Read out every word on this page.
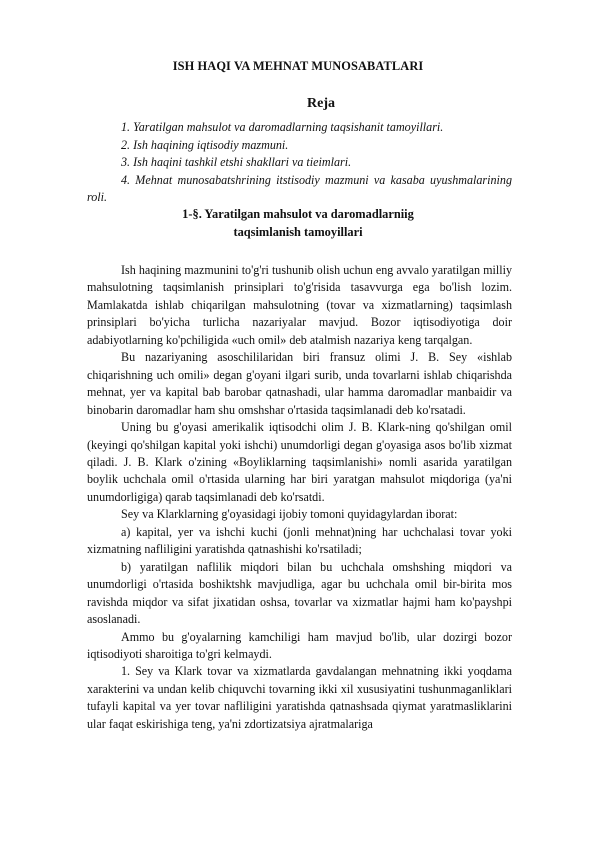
ISH HAQI VA MEHNAT MUNOSABATLARI
Reja
1. Yaratilgan mahsulot va daromadlarning taqsishanit tamoyillari.
2. Ish haqining iqtisodiy mazmuni.
3. Ish haqini tashkil etshi shakllari va tieimlari.
4. Mehnat munosabatshrining itstisodiy mazmuni va kasaba uyushmalarining roli.
1-§. Yaratilgan mahsulot va daromadlarniig
taqsimlanish tamoyillari

Ish haqining mazmunini to'g'ri tushunib olish uchun eng avvalo yaratilgan milliy mahsulotning taqsimlanish prinsiplari to'g'risida tasavvurga ega bo'lish lozim. Mamlakatda ishlab chiqarilgan mahsulotning (tovar va xizmatlarning) taqsimlash prinsiplari bo'yicha turlicha nazariyalar mavjud. Bozor iqtisodiyotiga doir adabiyotlarning ko'pchiligida «uch omil» deb atalmish nazariya keng tarqalgan.

Bu nazariyaning asoschililaridan biri fransuz olimi J. B. Sey «ishlab chiqarishning uch omili» degan g'oyani ilgari surib, unda tovarlarni ishlab chiqarishda mehnat, yer va kapital bab barobar qatnashadi, ular hamma daromadlar manbaidir va binobarin daromadlar ham shu omshshar o'rtasida taqsimlanadi deb ko'rsatadi.

Uning bu g'oyasi amerikalik iqtisodchi olim J. B. Klark-ning qo'shilgan omil (keyingi qo'shilgan kapital yoki ishchi) unumdorligi degan g'oyasiga asos bo'lib xizmat qiladi. J. B. Klark o'zining «Boyliklarning taqsimlanishi» nomli asarida yaratilgan boylik uchchala omil o'rtasida ularning har biri yaratgan mahsulot miqdoriga (ya'ni unumdorligiga) qarab taqsimlanadi deb ko'rsatdi.

Sey va Klarklarning g'oyasidagi ijobiy tomoni quyidagylardan iborat:

a) kapital, yer va ishchi kuchi (jonli mehnat)ning har uchchalasi tovar yoki xizmatning nafliligini yaratishda qatnashishi ko'rsatiladi;

b) yaratilgan naflilik miqdori bilan bu uchchala omshshing miqdori va unumdorligi o'rtasida boshiktshk mavjudliga, agar bu uchchala omil bir-birita mos ravishda miqdor va sifat jixatidan oshsa, tovarlar va xizmatlar hajmi ham ko'payshpi asoslanadi.

Ammo bu g'oyalarning kamchiligi ham mavjud bo'lib, ular dozirgi bozor iqtisodiyoti sharoitiga to'gri kelmaydi.

1. Sey va Klark tovar va xizmatlarda gavdalangan mehnatning ikki yoqdama xarakterini va undan kelib chiquvchi tovarning ikki xil xususiyatini tushunmaganliklari tufayli kapital va yer tovar nafliligini yaratishda qatnashsada qiymat yaratmasliklarini ular faqat eskirishiga teng, ya'ni zdortizatsiya ajratmalariga
